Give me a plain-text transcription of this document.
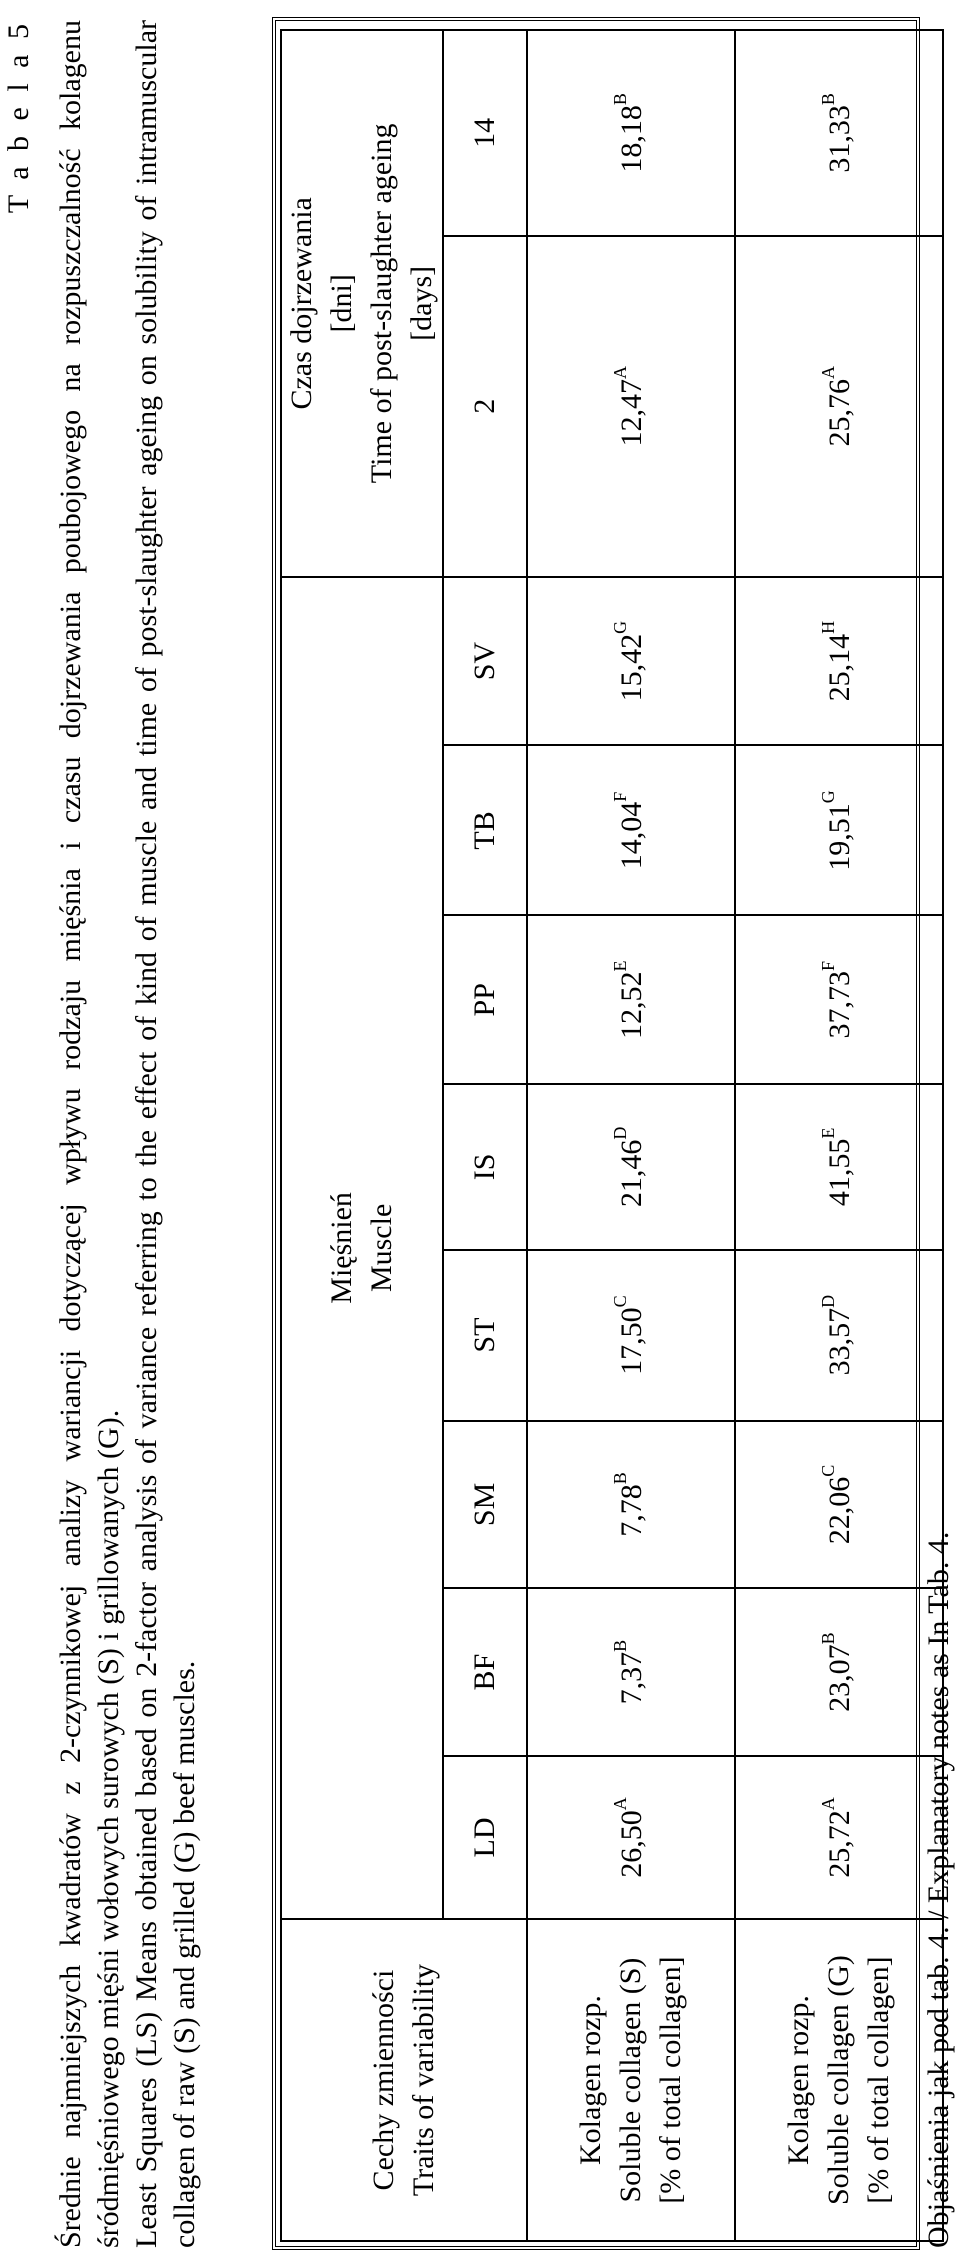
T a b e l a 5 Średnie najmniejszych kwadratów z 2-czynnikowej analizy wariancji dotyczącej wpływu rodzaju mięśnia i czasu dojrzewania poubojowego na rozpuszczalność kolagenu śródmięśniowego mięśni wołowych surowych (S) i grillowanych (G). Least Squares (LS) Means obtained based on 2-factor analysis of variance referring to the effect of kind of muscle and time of post-slaughter ageing on solubility of intramuscular collagen of raw (S) and grilled (G) beef muscles.	Cechy zmienności Traits of variability	Mięśnień Muscle								Czas dojrzewania [dni] Time of post-slaughter ageing [days]	

	LD	BF	SM	ST	IS	PP	TB	SV	2	14

Kolagen rozp. Soluble collagen (S) [% of total collagen]	$26,50^A$	$7,37^B$	$7,78^B$	$17,50^C$	$21,46^D$	$12,52^E$	$14,04^F$	$15,42^G$	$12,47^A$	$18,18^B$

Kolagen rozp. Soluble collagen (G) [% of total collagen]	$25,72^A$	$23,07^B$	$22,06^C$	$33,57^D$	$41,55^E$	$37,73^F$	$19,51^G$	$25,14^H$	$25,76^A$	$31,33^B$
Objaśnienia jak pod tab. 4. / Explanatory notes as In Tab. 4.
